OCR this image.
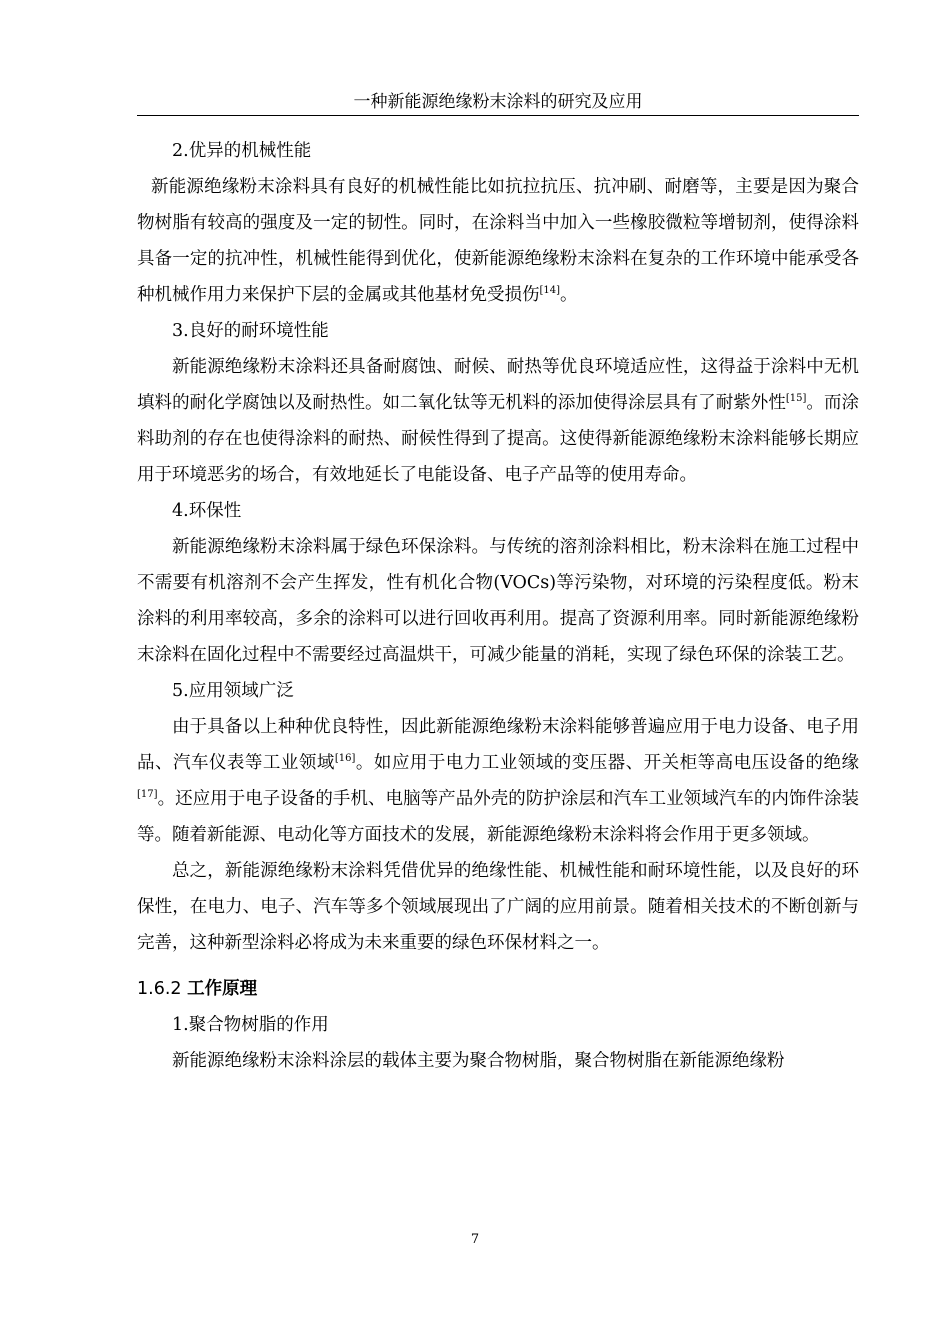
一种新能源绝缘粉末涂料的研究及应用

2.优异的机械性能

新能源绝缘粉末涂料具有良好的机械性能比如抗拉抗压、抗冲刷、耐磨等，主要是因为聚合物树脂有较高的强度及一定的韧性。同时，在涂料当中加入一些橡胶微粒等增韧剂，使得涂料具备一定的抗冲性，机械性能得到优化，使新能源绝缘粉末涂料在复杂的工作环境中能承受各种机械作用力来保护下层的金属或其他基材免受损伤[14]。

3.良好的耐环境性能

新能源绝缘粉末涂料还具备耐腐蚀、耐候、耐热等优良环境适应性，这得益于涂料中无机填料的耐化学腐蚀以及耐热性。如二氧化钛等无机料的添加使得涂层具有了耐紫外性[15]。而涂料助剂的存在也使得涂料的耐热、耐候性得到了提高。这使得新能源绝缘粉末涂料能够长期应用于环境恶劣的场合，有效地延长了电能设备、电子产品等的使用寿命。

4.环保性

新能源绝缘粉末涂料属于绿色环保涂料。与传统的溶剂涂料相比，粉末涂料在施工过程中不需要有机溶剂不会产生挥发，性有机化合物(VOCs)等污染物，对环境的污染程度低。粉末涂料的利用率较高，多余的涂料可以进行回收再利用。提高了资源利用率。同时新能源绝缘粉末涂料在固化过程中不需要经过高温烘干，可减少能量的消耗，实现了绿色环保的涂装工艺。

5.应用领域广泛

由于具备以上种种优良特性，因此新能源绝缘粉末涂料能够普遍应用于电力设备、电子用品、汽车仪表等工业领域[16]。如应用于电力工业领域的变压器、开关柜等高电压设备的绝缘[17]。还应用于电子设备的手机、电脑等产品外壳的防护涂层和汽车工业领域汽车的内饰件涂装等。随着新能源、电动化等方面技术的发展，新能源绝缘粉末涂料将会作用于更多领域。

总之，新能源绝缘粉末涂料凭借优异的绝缘性能、机械性能和耐环境性能，以及良好的环保性，在电力、电子、汽车等多个领域展现出了广阔的应用前景。随着相关技术的不断创新与完善，这种新型涂料必将成为未来重要的绿色环保材料之一。

1.6.2 工作原理

1.聚合物树脂的作用

新能源绝缘粉末涂料涂层的载体主要为聚合物树脂，聚合物树脂在新能源绝缘粉

7
